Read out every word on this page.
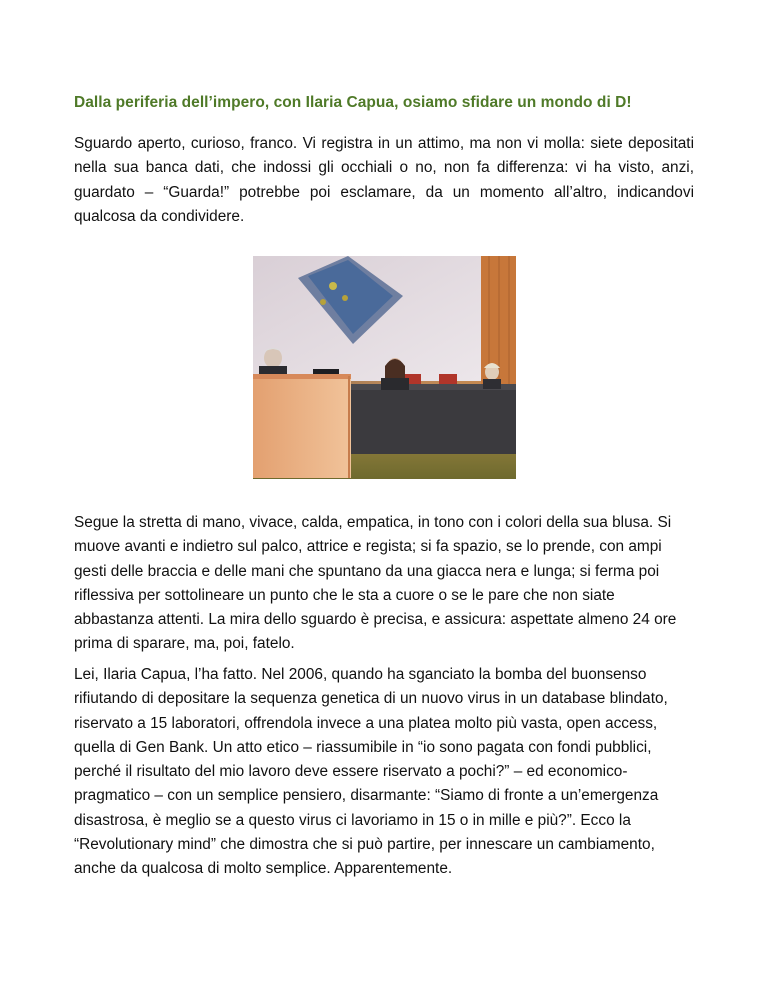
Dalla periferia dell’impero, con Ilaria Capua, osiamo sfidare un mondo di D!
Sguardo aperto, curioso, franco. Vi registra in un attimo, ma non vi molla: siete depositati nella sua banca dati, che indossi gli occhiali o no, non fa differenza: vi ha visto, anzi, guardato – “Guarda!” potrebbe poi esclamare, da un momento all’altro, indicandovi qualcosa da condividere.
Segue la stretta di mano, vivace, calda, empatica, in tono con i colori della sua blusa. Si muove avanti e indietro sul palco, attrice e regista; si fa spazio, se lo prende, con ampi gesti delle braccia e delle mani che spuntano da una giacca nera e lunga; si ferma poi riflessiva per sottolineare un punto che le sta a cuore o se le pare che non siate abbastanza attenti. La mira dello sguardo è precisa, e assicura: aspettate almeno 24 ore prima di sparare, ma, poi, fatelo.
Lei, Ilaria Capua, l’ha fatto. Nel 2006, quando ha sganciato la bomba del buonsenso rifiutando di depositare la sequenza genetica di un nuovo virus in un database blindato, riservato a 15 laboratori, offrendola invece a una platea molto più vasta, open access, quella di Gen Bank. Un atto etico – riassumibile in “io sono pagata con fondi pubblici, perché il risultato del mio lavoro deve essere riservato a pochi?” – ed economico-pragmatico – con un semplice pensiero, disarmante: “Siamo di fronte a un’emergenza disastrosa, è meglio se a questo virus ci lavoriamo in 15 o in mille e più?”. Ecco la “Revolutionary mind” che dimostra che si può partire, per innescare un cambiamento, anche da qualcosa di molto semplice. Apparentemente.
